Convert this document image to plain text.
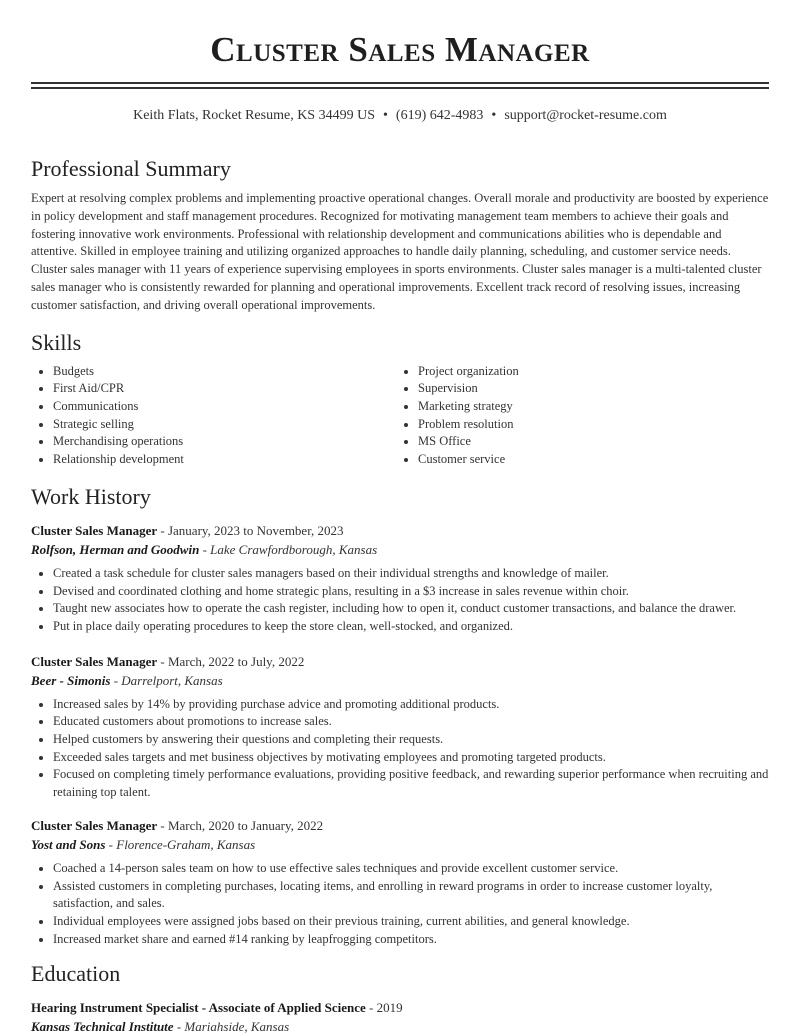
Cluster Sales Manager
Keith Flats, Rocket Resume, KS 34499 US • (619) 642-4983 • support@rocket-resume.com
Professional Summary

Expert at resolving complex problems and implementing proactive operational changes. Overall morale and productivity are boosted by experience in policy development and staff management procedures. Recognized for motivating management team members to achieve their goals and fostering innovative work environments. Professional with relationship development and communications abilities who is dependable and attentive. Skilled in employee training and utilizing organized approaches to handle daily planning, scheduling, and customer service needs. Cluster sales manager with 11 years of experience supervising employees in sports environments. Cluster sales manager is a multi-talented cluster sales manager who is consistently rewarded for planning and operational improvements. Excellent track record of resolving issues, increasing customer satisfaction, and driving overall operational improvements.

Skills
• Budgets
• First Aid/CPR
• Communications
• Strategic selling
• Merchandising operations
• Relationship development
• Project organization
• Supervision
• Marketing strategy
• Problem resolution
• MS Office
• Customer service
Work History
Cluster Sales Manager - January, 2023 to November, 2023
Rolfson, Herman and Goodwin - Lake Crawfordborough, Kansas
• Created a task schedule for cluster sales managers based on their individual strengths and knowledge of mailer.
• Devised and coordinated clothing and home strategic plans, resulting in a $3 increase in sales revenue within choir.
• Taught new associates how to operate the cash register, including how to open it, conduct customer transactions, and balance the drawer.
• Put in place daily operating procedures to keep the store clean, well-stocked, and organized.
Cluster Sales Manager - March, 2022 to July, 2022
Beer - Simonis - Darrelport, Kansas
• Increased sales by 14% by providing purchase advice and promoting additional products.
• Educated customers about promotions to increase sales.
• Helped customers by answering their questions and completing their requests.
• Exceeded sales targets and met business objectives by motivating employees and promoting targeted products.
• Focused on completing timely performance evaluations, providing positive feedback, and rewarding superior performance when recruiting and retaining top talent.
Cluster Sales Manager - March, 2020 to January, 2022
Yost and Sons - Florence-Graham, Kansas
• Coached a 14-person sales team on how to use effective sales techniques and provide excellent customer service.
• Assisted customers in completing purchases, locating items, and enrolling in reward programs in order to increase customer loyalty, satisfaction, and sales.
• Individual employees were assigned jobs based on their previous training, current abilities, and general knowledge.
• Increased market share and earned #14 ranking by leapfrogging competitors.
Education
Hearing Instrument Specialist - Associate of Applied Science - 2019
Kansas Technical Institute - Mariahside, Kansas
